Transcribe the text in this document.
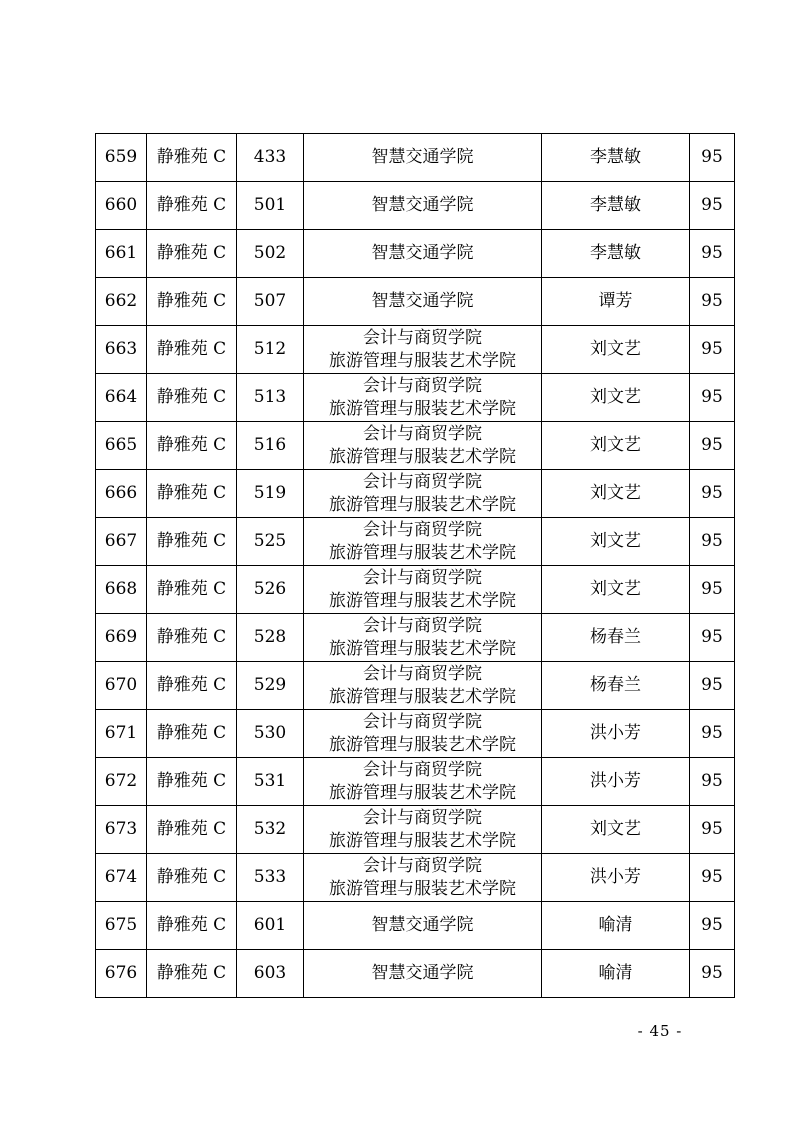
659	静雅苑 C	433	智慧交通学院	李慧敏	95
660	静雅苑 C	501	智慧交通学院	李慧敏	95
661	静雅苑 C	502	智慧交通学院	李慧敏	95
662	静雅苑 C	507	智慧交通学院	谭芳	95
663	静雅苑 C	512	会计与商贸学院
旅游管理与服装艺术学院	刘文艺	95
664	静雅苑 C	513	会计与商贸学院
旅游管理与服装艺术学院	刘文艺	95
665	静雅苑 C	516	会计与商贸学院
旅游管理与服装艺术学院	刘文艺	95
666	静雅苑 C	519	会计与商贸学院
旅游管理与服装艺术学院	刘文艺	95
667	静雅苑 C	525	会计与商贸学院
旅游管理与服装艺术学院	刘文艺	95
668	静雅苑 C	526	会计与商贸学院
旅游管理与服装艺术学院	刘文艺	95
669	静雅苑 C	528	会计与商贸学院
旅游管理与服装艺术学院	杨春兰	95
670	静雅苑 C	529	会计与商贸学院
旅游管理与服装艺术学院	杨春兰	95
671	静雅苑 C	530	会计与商贸学院
旅游管理与服装艺术学院	洪小芳	95
672	静雅苑 C	531	会计与商贸学院
旅游管理与服装艺术学院	洪小芳	95
673	静雅苑 C	532	会计与商贸学院
旅游管理与服装艺术学院	刘文艺	95
674	静雅苑 C	533	会计与商贸学院
旅游管理与服装艺术学院	洪小芳	95
675	静雅苑 C	601	智慧交通学院	喻清	95
676	静雅苑 C	603	智慧交通学院	喻清	95
- 45 -
